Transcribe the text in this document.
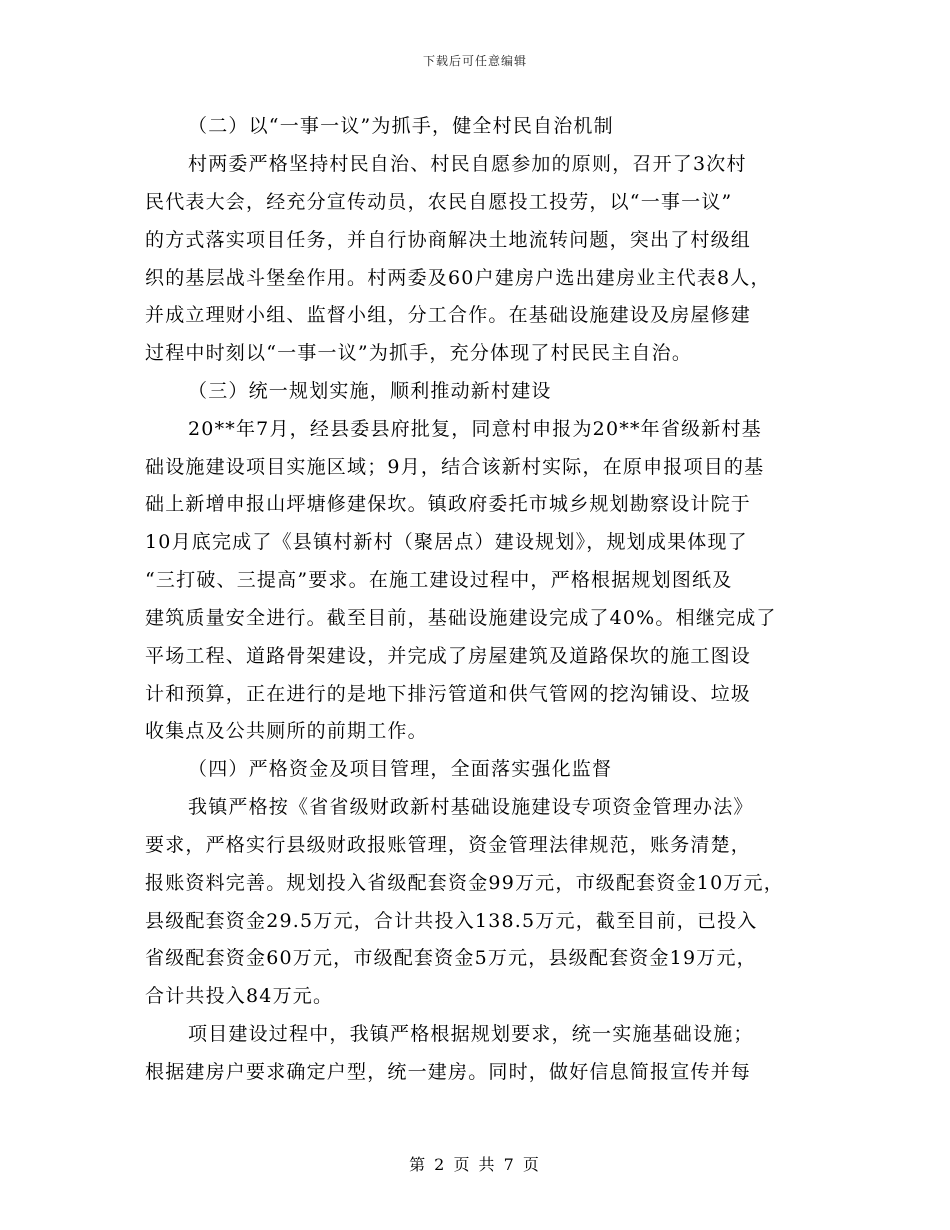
下载后可任意编辑
（二）以“一事一议”为抓手，健全村民自治机制
村两委严格坚持村民自治、村民自愿参加的原则，召开了3次村
民代表大会，经充分宣传动员，农民自愿投工投劳，以“一事一议”
的方式落实项目任务，并自行协商解决土地流转问题，突出了村级组
织的基层战斗堡垒作用。村两委及60户建房户选出建房业主代表8人，
并成立理财小组、监督小组，分工合作。在基础设施建设及房屋修建
过程中时刻以“一事一议”为抓手，充分体现了村民民主自治。
（三）统一规划实施，顺利推动新村建设
20**年7月，经县委县府批复，同意村申报为20**年省级新村基
础设施建设项目实施区域；9月，结合该新村实际，在原申报项目的基
础上新增申报山坪塘修建保坎。镇政府委托市城乡规划勘察设计院于
10月底完成了《县镇村新村（聚居点）建设规划》，规划成果体现了
“三打破、三提高”要求。在施工建设过程中，严格根据规划图纸及
建筑质量安全进行。截至目前，基础设施建设完成了40%。相继完成了
平场工程、道路骨架建设，并完成了房屋建筑及道路保坎的施工图设
计和预算，正在进行的是地下排污管道和供气管网的挖沟铺设、垃圾
收集点及公共厕所的前期工作。
（四）严格资金及项目管理，全面落实强化监督
我镇严格按《省省级财政新村基础设施建设专项资金管理办法》
要求，严格实行县级财政报账管理，资金管理法律规范，账务清楚，
报账资料完善。规划投入省级配套资金99万元，市级配套资金10万元，
县级配套资金29.5万元，合计共投入138.5万元，截至目前，已投入
省级配套资金60万元，市级配套资金5万元，县级配套资金19万元，
合计共投入84万元。
项目建设过程中，我镇严格根据规划要求，统一实施基础设施；
根据建房户要求确定户型，统一建房。同时，做好信息简报宣传并每
第 2 页 共 7 页
